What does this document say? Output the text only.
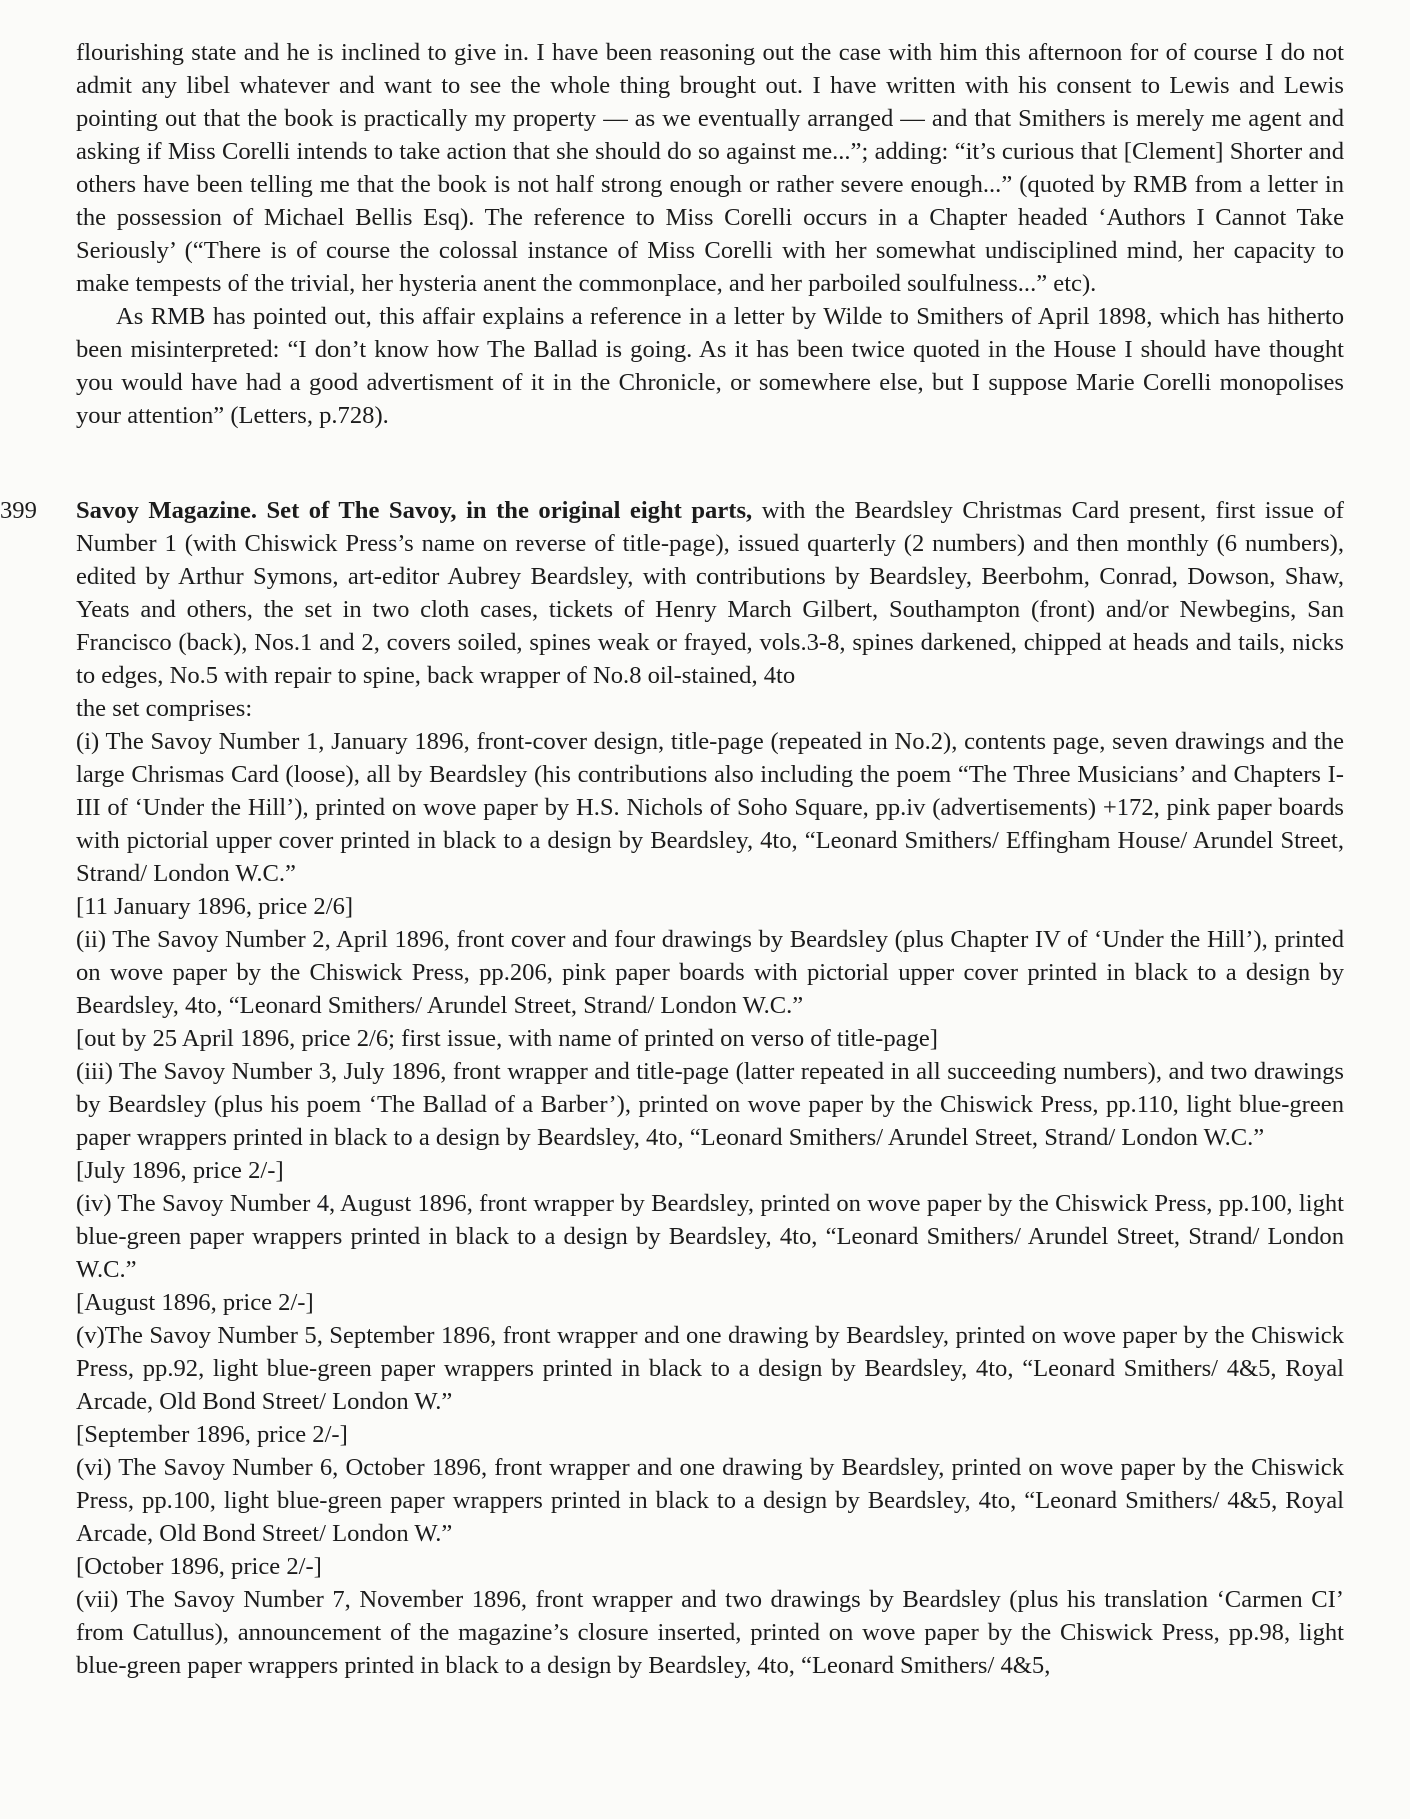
flourishing state and he is inclined to give in. I have been reasoning out the case with him this afternoon for of course I do not admit any libel whatever and want to see the whole thing brought out. I have written with his consent to Lewis and Lewis pointing out that the book is practically my property — as we eventually arranged — and that Smithers is merely me agent and asking if Miss Corelli intends to take action that she should do so against me...”; adding: “it’s curious that [Clement] Shorter and others have been telling me that the book is not half strong enough or rather severe enough...” (quoted by RMB from a letter in the possession of Michael Bellis Esq). The reference to Miss Corelli occurs in a Chapter headed ‘Authors I Cannot Take Seriously’ (“There is of course the colossal instance of Miss Corelli with her somewhat undisciplined mind, her capacity to make tempests of the trivial, her hysteria anent the commonplace, and her parboiled soulfulness...” etc).

As RMB has pointed out, this affair explains a reference in a letter by Wilde to Smithers of April 1898, which has hitherto been misinterpreted: “I don’t know how The Ballad is going. As it has been twice quoted in the House I should have thought you would have had a good advertisment of it in the Chronicle, or somewhere else, but I suppose Marie Corelli monopolises your attention” (Letters, p.728).

399 Savoy Magazine. Set of The Savoy, in the original eight parts, with the Beardsley Christmas Card present, first issue of Number 1 (with Chiswick Press’s name on reverse of title-page), issued quarterly (2 numbers) and then monthly (6 numbers), edited by Arthur Symons, art-editor Aubrey Beardsley, with contributions by Beardsley, Beerbohm, Conrad, Dowson, Shaw, Yeats and others, the set in two cloth cases, tickets of Henry March Gilbert, Southampton (front) and/or Newbegins, San Francisco (back), Nos.1 and 2, covers soiled, spines weak or frayed, vols.3-8, spines darkened, chipped at heads and tails, nicks to edges, No.5 with repair to spine, back wrapper of No.8 oil-stained, 4to

the set comprises:

(i) The Savoy Number 1, January 1896, front-cover design, title-page (repeated in No.2), contents page, seven drawings and the large Chrismas Card (loose), all by Beardsley (his contributions also including the poem “The Three Musicians’ and Chapters I-III of ‘Under the Hill’), printed on wove paper by H.S. Nichols of Soho Square, pp.iv (advertisements) +172, pink paper boards with pictorial upper cover printed in black to a design by Beardsley, 4to, “Leonard Smithers/ Effingham House/ Arundel Street, Strand/ London W.C.”

[11 January 1896, price 2/6]

(ii) The Savoy Number 2, April 1896, front cover and four drawings by Beardsley (plus Chapter IV of ‘Under the Hill’), printed on wove paper by the Chiswick Press, pp.206, pink paper boards with pictorial upper cover printed in black to a design by Beardsley, 4to, “Leonard Smithers/ Arundel Street, Strand/ London W.C.”

[out by 25 April 1896, price 2/6; first issue, with name of printed on verso of title-page]

(iii) The Savoy Number 3, July 1896, front wrapper and title-page (latter repeated in all succeeding numbers), and two drawings by Beardsley (plus his poem ‘The Ballad of a Barber’), printed on wove paper by the Chiswick Press, pp.110, light blue-green paper wrappers printed in black to a design by Beardsley, 4to, “Leonard Smithers/ Arundel Street, Strand/ London W.C.”

[July 1896, price 2/-]

(iv) The Savoy Number 4, August 1896, front wrapper by Beardsley, printed on wove paper by the Chiswick Press, pp.100, light blue-green paper wrappers printed in black to a design by Beardsley, 4to, “Leonard Smithers/ Arundel Street, Strand/ London W.C.”

[August 1896, price 2/-]

(v)The Savoy Number 5, September 1896, front wrapper and one drawing by Beardsley, printed on wove paper by the Chiswick Press, pp.92, light blue-green paper wrappers printed in black to a design by Beardsley, 4to, “Leonard Smithers/ 4&5, Royal Arcade, Old Bond Street/ London W.”

[September 1896, price 2/-]

(vi) The Savoy Number 6, October 1896, front wrapper and one drawing by Beardsley, printed on wove paper by the Chiswick Press, pp.100, light blue-green paper wrappers printed in black to a design by Beardsley, 4to, “Leonard Smithers/ 4&5, Royal Arcade, Old Bond Street/ London W.”

[October 1896, price 2/-]

(vii) The Savoy Number 7, November 1896, front wrapper and two drawings by Beardsley (plus his translation ‘Carmen CI’ from Catullus), announcement of the magazine’s closure inserted, printed on wove paper by the Chiswick Press, pp.98, light blue-green paper wrappers printed in black to a design by Beardsley, 4to, “Leonard Smithers/ 4&5,
